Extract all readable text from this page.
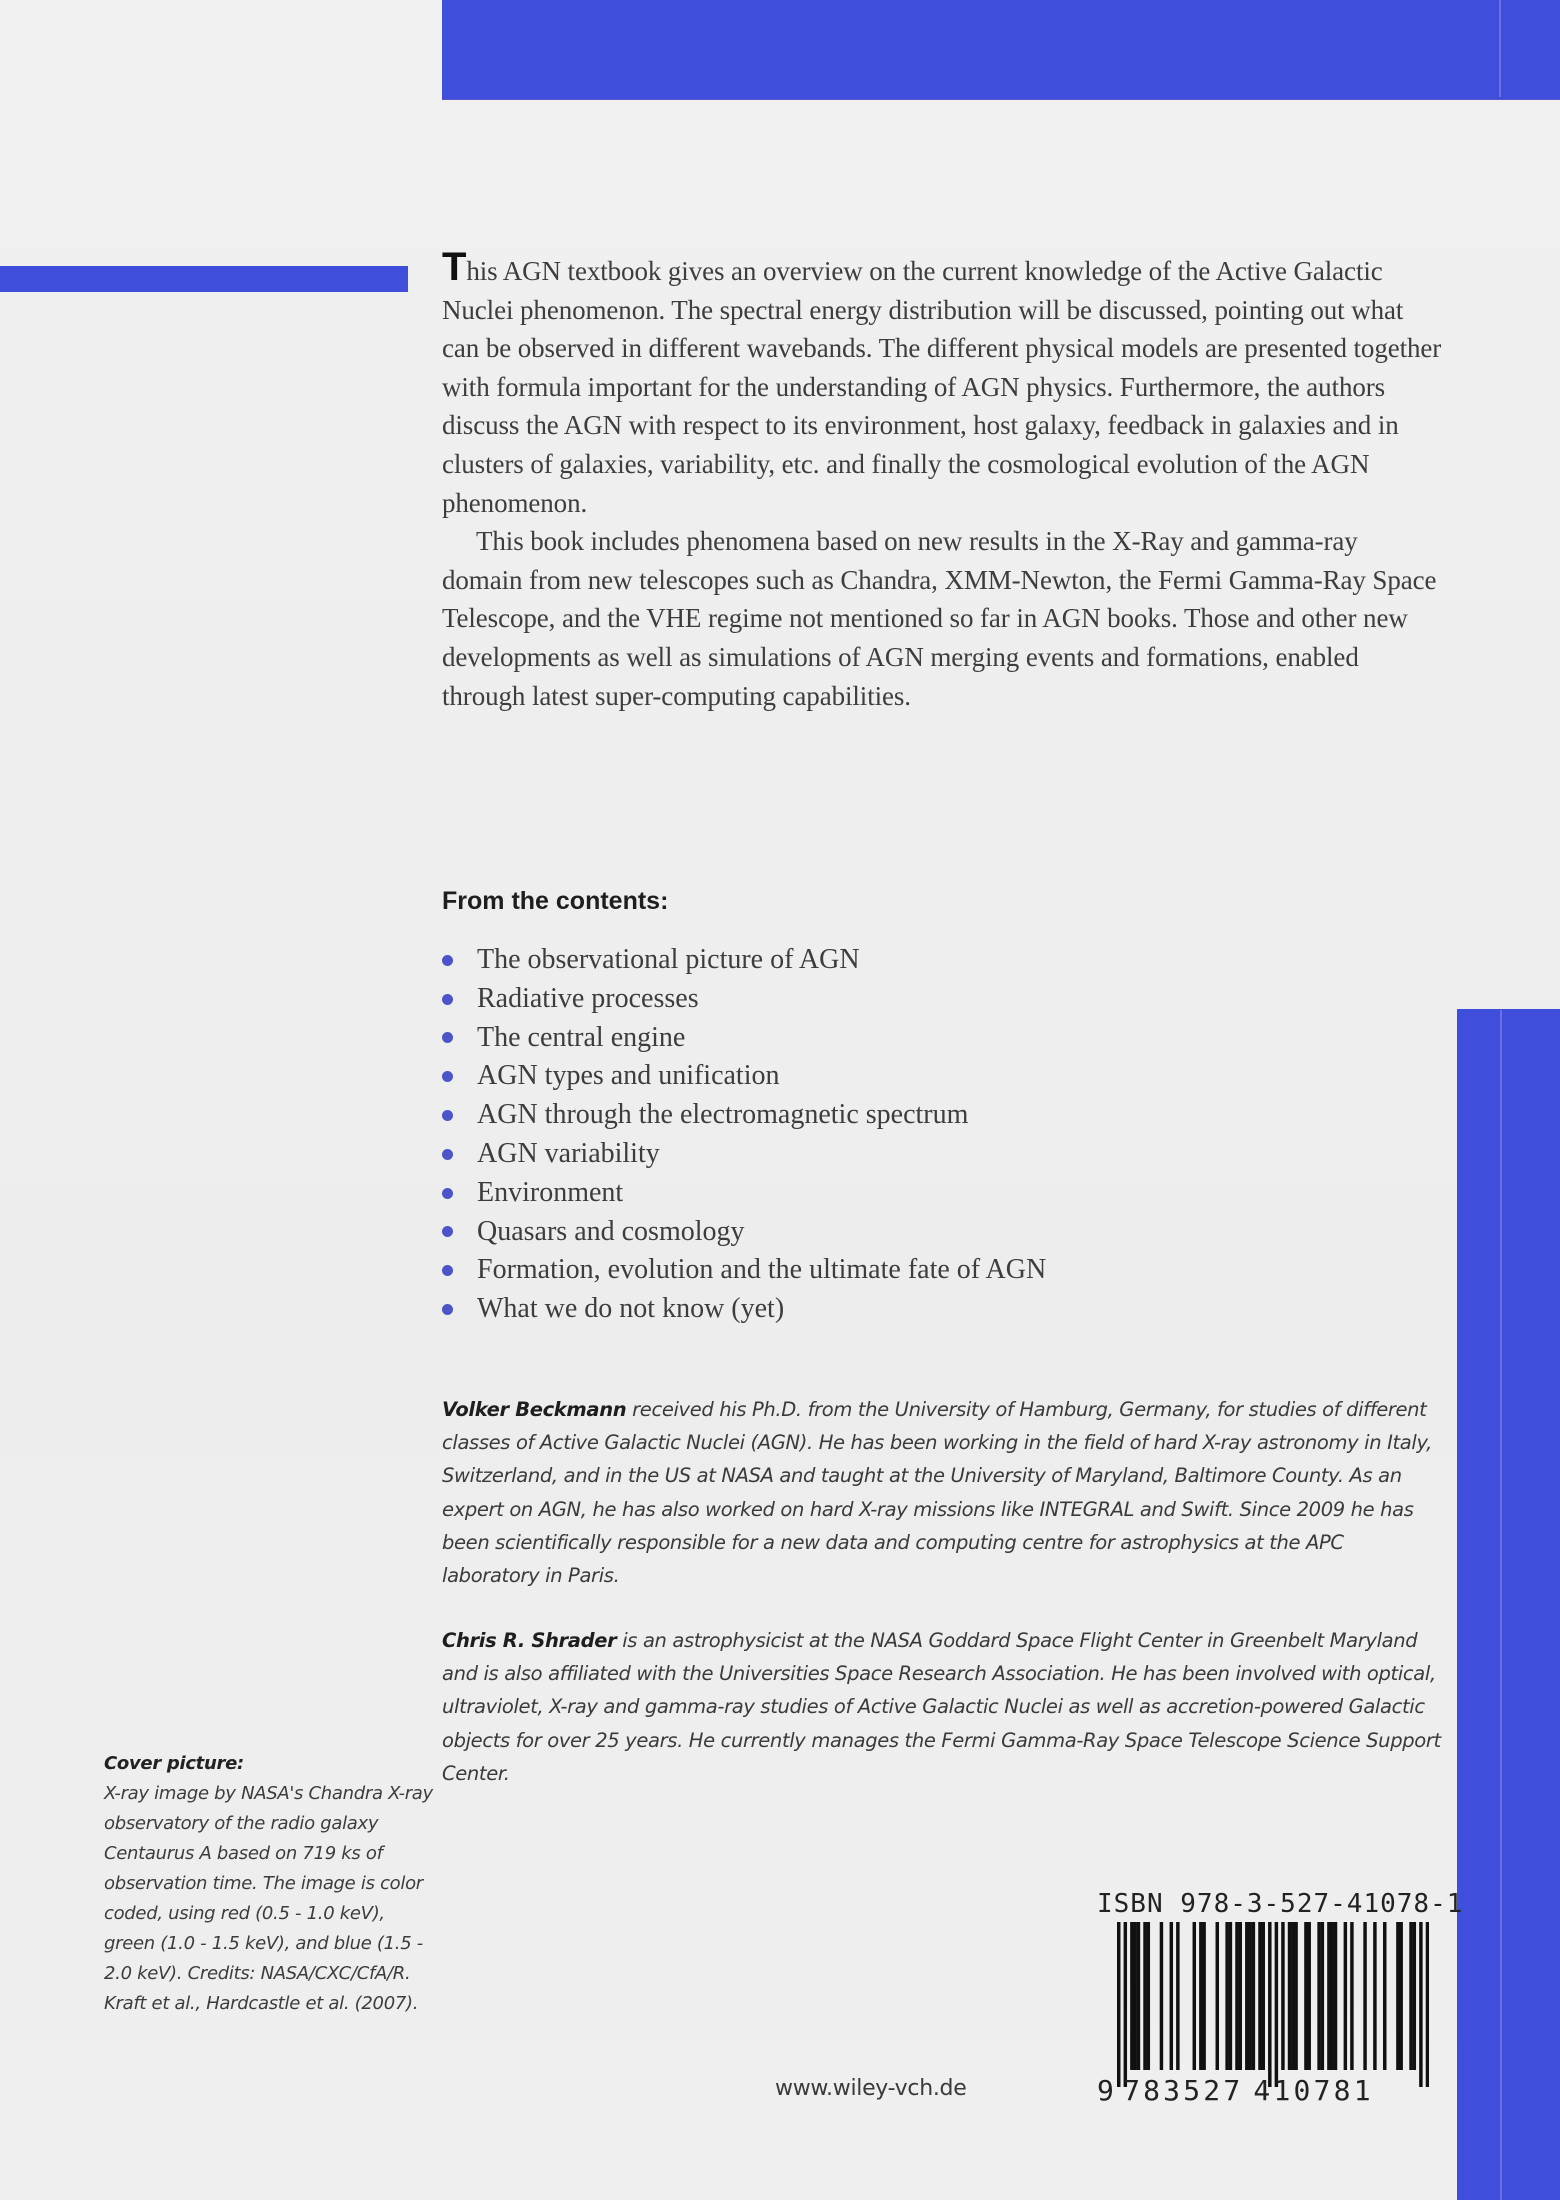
This AGN textbook gives an overview on the current knowledge of the Active Galactic Nuclei phenomenon. The spectral energy distribution will be discussed, pointing out what can be observed in different wavebands. The different physical models are presented together with formula important for the understanding of AGN physics. Furthermore, the authors discuss the AGN with respect to its environment, host galaxy, feedback in galaxies and in clusters of galaxies, variability, etc. and finally the cosmological evolution of the AGN phenomenon.

This book includes phenomena based on new results in the X-Ray and gamma-ray domain from new telescopes such as Chandra, XMM-Newton, the Fermi Gamma-Ray Space Telescope, and the VHE regime not mentioned so far in AGN books. Those and other new developments as well as simulations of AGN merging events and formations, enabled through latest super-computing capabilities.

From the contents:
The observational picture of AGN
Radiative processes
The central engine
AGN types and unification
AGN through the electromagnetic spectrum
AGN variability
Environment
Quasars and cosmology
Formation, evolution and the ultimate fate of AGN
What we do not know (yet)

Volker Beckmann received his Ph.D. from the University of Hamburg, Germany, for studies of different classes of Active Galactic Nuclei (AGN). He has been working in the field of hard X-ray astronomy in Italy, Switzerland, and in the US at NASA and taught at the University of Maryland, Baltimore County. As an expert on AGN, he has also worked on hard X-ray missions like INTEGRAL and Swift. Since 2009 he has been scientifically responsible for a new data and computing centre for astrophysics at the APC laboratory in Paris.

Chris R. Shrader is an astrophysicist at the NASA Goddard Space Flight Center in Greenbelt Maryland and is also affiliated with the Universities Space Research Association. He has been involved with optical, ultraviolet, X-ray and gamma-ray studies of Active Galactic Nuclei as well as accretion-powered Galactic objects for over 25 years. He currently manages the Fermi Gamma-Ray Space Telescope Science Support Center.

Cover picture:
X-ray image by NASA's Chandra X-ray observatory of the radio galaxy Centaurus A based on 719 ks of observation time. The image is color coded, using red (0.5 - 1.0 keV), green (1.0 - 1.5 keV), and blue (1.5 - 2.0 keV). Credits: NASA/CXC/CfA/R. Kraft et al., Hardcastle et al. (2007).
ISBN 978-3-527-41078-1
9 783527 410781
www.wiley-vch.de
